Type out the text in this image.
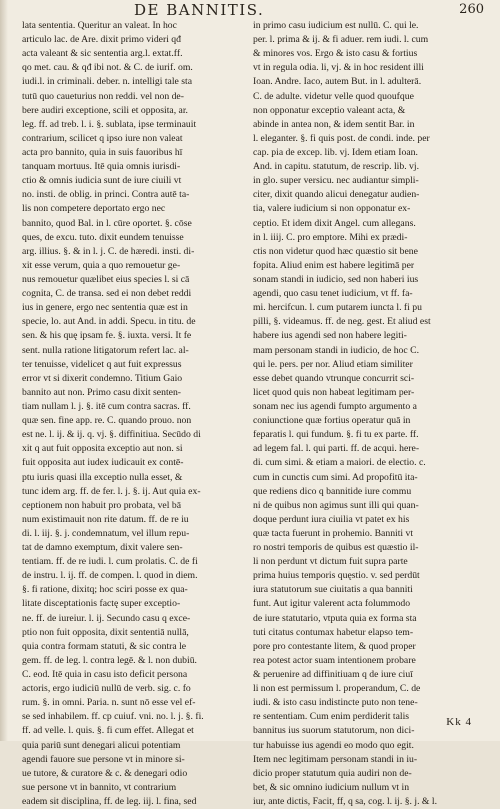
DE BANNITIS.	260
lata sententia. Queritur an valeat. In hoc
articulo lac. de Are. dixit primo videri qđ
acta valeant & sic sententia arg.l. extat.ff.
qo met. cau. & qđ ibi not. & C. de iurif. om.
iudi.l. in criminali. deber. n. intelligi tale sta
tutū quo caueturius non reddi. vel non de-
bere audiri exceptione, scili et opposita, ar.
leg. ff. ad treb. l. i. §. sublata, ipse terminauit
contrarium, scilicet q ipso iure non valeat
acta pro bannito, quia in suis fauoribus hī
tanquam mortuus. Itē quia omnis iurisdi-
ctio & omnis iudicia sunt de iure ciuili vt
no. insti. de oblig. in princi. Contra autē ta-
lis non competere deportato ergo nec
bannito, quod Bal. in l. cūre oportet. §. cōse
ques, de excu. tuto. dixit eundem tenuisse
arg. illius. §. & in l. j. C. de hæredi. insti. di-
xit esse verum, quia a quo remouetur ge-
nus remouetur quælibet eius species l. si cā
cognita, C. de transa. sed ei non debet reddi
ius in genere, ergo nec sententia quæ est in
specie, lo. aut And. in addi. Specu. in titu. de
sen. & his quę ipsam fe. §. iuxta. versi. It fe
sent. nulla ratione litigatorum refert lac. al-
ter tenuisse, videlicet q aut fuit expressus
error vt si dixerit condemno. Titium Gaio
bannito aut non. Primo casu dixit senten-
tiam nullam l. j. §. itē cum contra sacras. ff.
quæ sen. fine app. re. C. quando prouo. non
est ne. l. ij. & ij. q. vj. §. diffinitiua. Secūdo di
xit q aut fuit opposita exceptio aut non. si
fuit opposita aut iudex iudicauit ex contē-
ptu iuris quasi illa exceptio nulla esset, &
tunc idem arg. ff. de fer. l. j. §. ij. Aut quia ex-
ceptionem non habuit pro probata, vel bā
num existimauit non rite datum. ff. de re iu
di. l. iij. §. j. condemnatum, vel illum repu-
tat de damno exemptum, dixit valere sen-
tentiam. ff. de re iudi. l. cum prolatis. C. de fi
de instru. l. ij. ff. de compen. l. quod in diem.
§. fi ratione, dixitq; hoc sciri posse ex qua-
litate disceptationis factę super exceptio-
ne. ff. de iureiur. l. ij. Secundo casu q exce-
ptio non fuit opposita, dixit sententiā nullā,
quia contra formam statuti, & sic contra le
gem. ff. de leg. l. contra legē. & l. non dubiū.
C. eod. Itē quia in casu isto deficit persona
actoris, ergo iudiciū nullū de verb. sig. c. fo
rum. §. in omni. Paria. n. sunt nō esse vel ef-
se sed inhabilem. ff. cp cuiuf. vni. no. l. j. §. fi.
ff. ad velle. l. quis. §. fi cum effet. Allegat et
quia pariū sunt denegari alicui potentiam
agendi fauore sue persone vt in minore si-
ue tutore, & curatore & c. & denegari odio
sue persone vt in bannito, vt contrarium
eadem sit disciplina, ff. de leg. iij. l. fina, sed
in primo casu iudicium est nullū. C. qui le.
per. l. prima & ij. & fi aduer. rem iudi. l. cum
& minores vos. Ergo & isto casu & fortius
vt in regula odia. li, vj. & in hoc resident illi
Ioan. Andre. Iaco, autem But. in l. adulterā.
C. de adulte. videtur velle quod quoufque
non opponatur exceptio valeant acta, &
abinde in antea non, & idem sentit Bar. in
l. eleganter. §. fi quis post. de condi. inde. per
cap. pia de excep. lib. vj. Idem etiam Ioan.
And. in capitu. statutum, de rescrip. lib. vj.
in glo. super versicu. nec audiantur simpli-
citer, dixit quando alicui denegatur audien-
tia, valere iudicium si non opponatur ex-
ceptio. Et idem dixit Angel. cum allegans.
in l. iiij. C. pro emptore. Mihi ex prædi-
ctis non videtur quod hæc quæstio sit bene
fopita. Aliud enim est habere legitimā per
sonam standi in iudicio, sed non haberi ius
agendi, quo casu tenet iudicium, vt ff. fa-
mi. hercifcun. l. cum putarem iuncta l. fi pu
pilli, §. videamus. ff. de neg. gest. Et aliud est
habere ius agendi sed non habere legiti-
mam personam standi in iudicio, de hoc C.
qui le. pers. per nor. Aliud etiam similiter
esse debet quando vtrunque concurrit sci-
licet quod quis non habeat legitimam per-
sonam nec ius agendi fumpto argumento a
coniunctione quæ fortius operatur quā in
feparatis l. qui fundum. §. fi tu ex parte. ff.
ad legem fal. l. qui parti. ff. de acqui. here-
di. cum simi. & etiam a maiori. de electio. c.
cum in cunctis cum simi. Ad propofitū ita-
que rediens dico q bannitide iure commu
ni de quibus non agimus sunt illi qui quan-
doque perdunt iura ciuilia vt patet ex his
quæ tacta fuerunt in prohemio. Banniti vt
ro nostri temporis de quibus est quæstio il-
li non perdunt vt dictum fuit supra parte
prima huius temporis quęstio. v. sed perdūt
iura statutorum sue ciuitatis a qua banniti
funt. Aut igitur valerent acta folummodo
de iure statutario, vtputa quia ex forma sta
tuti citatus contumax habetur elapso tem-
pore pro contestante litem, & quod proper
rea potest actor suam intentionem probare
& peruenire ad diffinitiuam q de iure ciuī
li non est permissum l. properandum, C. de
iudi. & isto casu indistincte puto non tene-
re sententiam. Cum enim perdiderit talis
bannitus ius suorum statutorum, non dici-
tur habuisse ius agendi eo modo quo egit.
Item nec legitimam personam standi in iu-
dicio proper statutum quia audiri non de-
bet, & sic omnino iudicium nullum vt in
iur, ante dictis, Facit, ff, q sa, cog. l. ij. §. j. & l.
Kk 4
